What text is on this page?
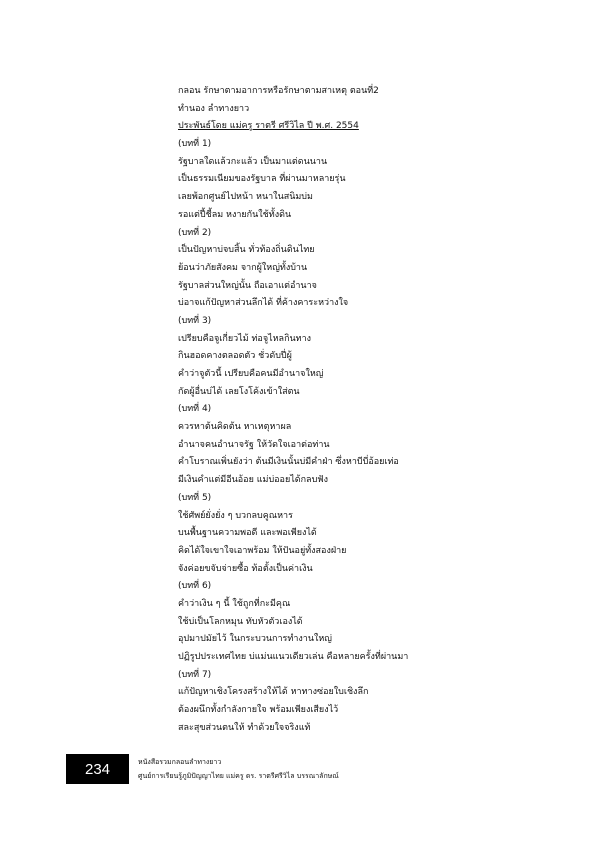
กลอน รักษาตามอาการหรือรักษาตามสาเหตุ ตอนที่2
ทำนอง ลำทางยาว
ประพันธ์โดย แม่ครู ราตรี ศรีวิไล ปี พ.ศ. 2554
(บทที่ 1)
รัฐบาลใดแล้วกะแล้ว เป็นมาแต่ดนนาน
เป็นธรรมเนียมของรัฐบาล ที่ผ่านมาหลายรุ่น
เลยพ้อกศูนย์ไปหน้า หนาในสนิมบ่ม
รอแต่ปี้ชี้ลม หงายกันใช้ทั้งดิน
(บทที่ 2)
เป็นปัญหาบ่จบสิ้น ทั่วท้องถิ่นดินไทย
ย้อนว่าภัยสังคม จากผู้ใหญ่ทั้งบ้าน
รัฐบาลส่วนใหญ่นั้น ถือเอาแต่อำนาจ
บ่อาจแก้ปัญหาส่วนลึกได้ ที่ค้างคาระหว่างใจ
(บทที่ 3)
เปรียบคือจูเกี่ยวไม้ ท่อจูไหลกินทาง
กินฮอดคางตลอดตัว ชั่วดับปี่ผู้
คำว่าจูตัวนี้ เปรียบคือคนมีอำนาจใหญ่
กัดผู้อื่นบ่ได้ เลยโงโค้งเข้าใส่ตน
(บทที่ 4)
ควรหาต้นคิดต้น หาเหตุหาผล
อำนาจคนอำนาจรัฐ ให้วัดใจเอาต่อท่าน
คำโบราณเพิ่นยังว่า ต้นมีเงินนั้นบ่มีคำฝ่า ซึ่งหาบีบี่อ้อยเท่อ
มีเงินคำแต่มีอีนอ้อย แม่บ่ออยได้กลบฟัง
(บทที่ 5)
ใช้ศัพย์ยั่งยั่ง ๆ บวกลบคูณหาร
บนพื้นฐานความพอดี และพอเพียงได้
คิดได้ใจเขาใจเอาพร้อม ให้ปันอยู่ทั้งสองฝ่าย
จังค่อยขจับจ่ายซื้อ ท้อตั้งเป็นค่าเงิน
(บทที่ 6)
คำว่าเงิน ๆ นี้ ใช้ถูกที่กะมีคุณ
ใช้บ่เป็นโลกหมุน ทับหัวตัวเองได้
อุปมาปมัยไว้ ในกระบวนการทำงานใหญ่
ปฏิรูปประเทศไทย บ่แม่นแนวเดียวเล่น คือหลายครั้งที่ผ่านมา
(บทที่ 7)
แก้ปัญหาเชิงโครงสร้างให้ได้ หาทางซ่อยใบเชิงลึก
ต้องผนึกทั้งกำลังกายใจ พร้อมเพียงเสียงไว้
สละสุขส่วนตนให้ ทำด้วยใจจริงแท้
234	หนังสือรวมกลอนลำทางยาว
ศูนย์การเรียนรู้ภูมิปัญญาไทย แม่ครู ดร. ราตรีศรีวิไล บรรณาลักษณ์
